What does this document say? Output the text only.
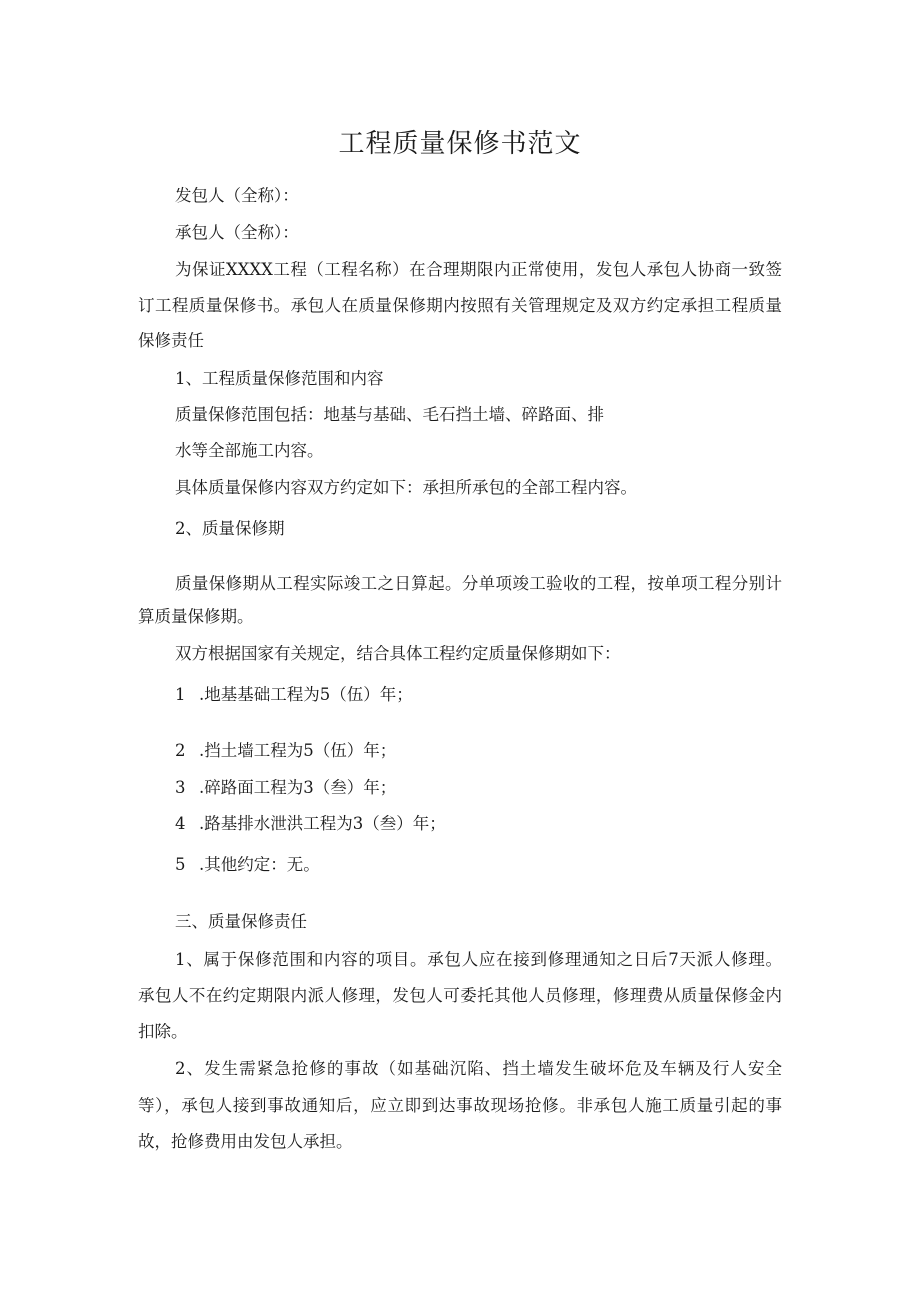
工程质量保修书范文
发包人（全称）：
承包人（全称）：
为保证XXXX工程（工程名称）在合理期限内正常使用，发包人承包人协商一致签
订工程质量保修书。承包人在质量保修期内按照有关管理规定及双方约定承担工程质量
保修责任
1、工程质量保修范围和内容
质量保修范围包括：地基与基础、毛石挡土墙、碎路面、排
水等全部施工内容。
具体质量保修内容双方约定如下：承担所承包的全部工程内容。
2、质量保修期
质量保修期从工程实际竣工之日算起。分单项竣工验收的工程，按单项工程分别计
算质量保修期。
双方根据国家有关规定，结合具体工程约定质量保修期如下：
1 .地基基础工程为5（伍）年；
2 .挡土墙工程为5（伍）年；
3 .碎路面工程为3（叁）年；
4 .路基排水泄洪工程为3（叁）年；
5 .其他约定：无。
三、质量保修责任
1、属于保修范围和内容的项目。承包人应在接到修理通知之日后7天派人修理。
承包人不在约定期限内派人修理，发包人可委托其他人员修理，修理费从质量保修金内
扣除。
2、发生需紧急抢修的事故（如基础沉陷、挡土墙发生破坏危及车辆及行人安全
等），承包人接到事故通知后，应立即到达事故现场抢修。非承包人施工质量引起的事
故，抢修费用由发包人承担。
